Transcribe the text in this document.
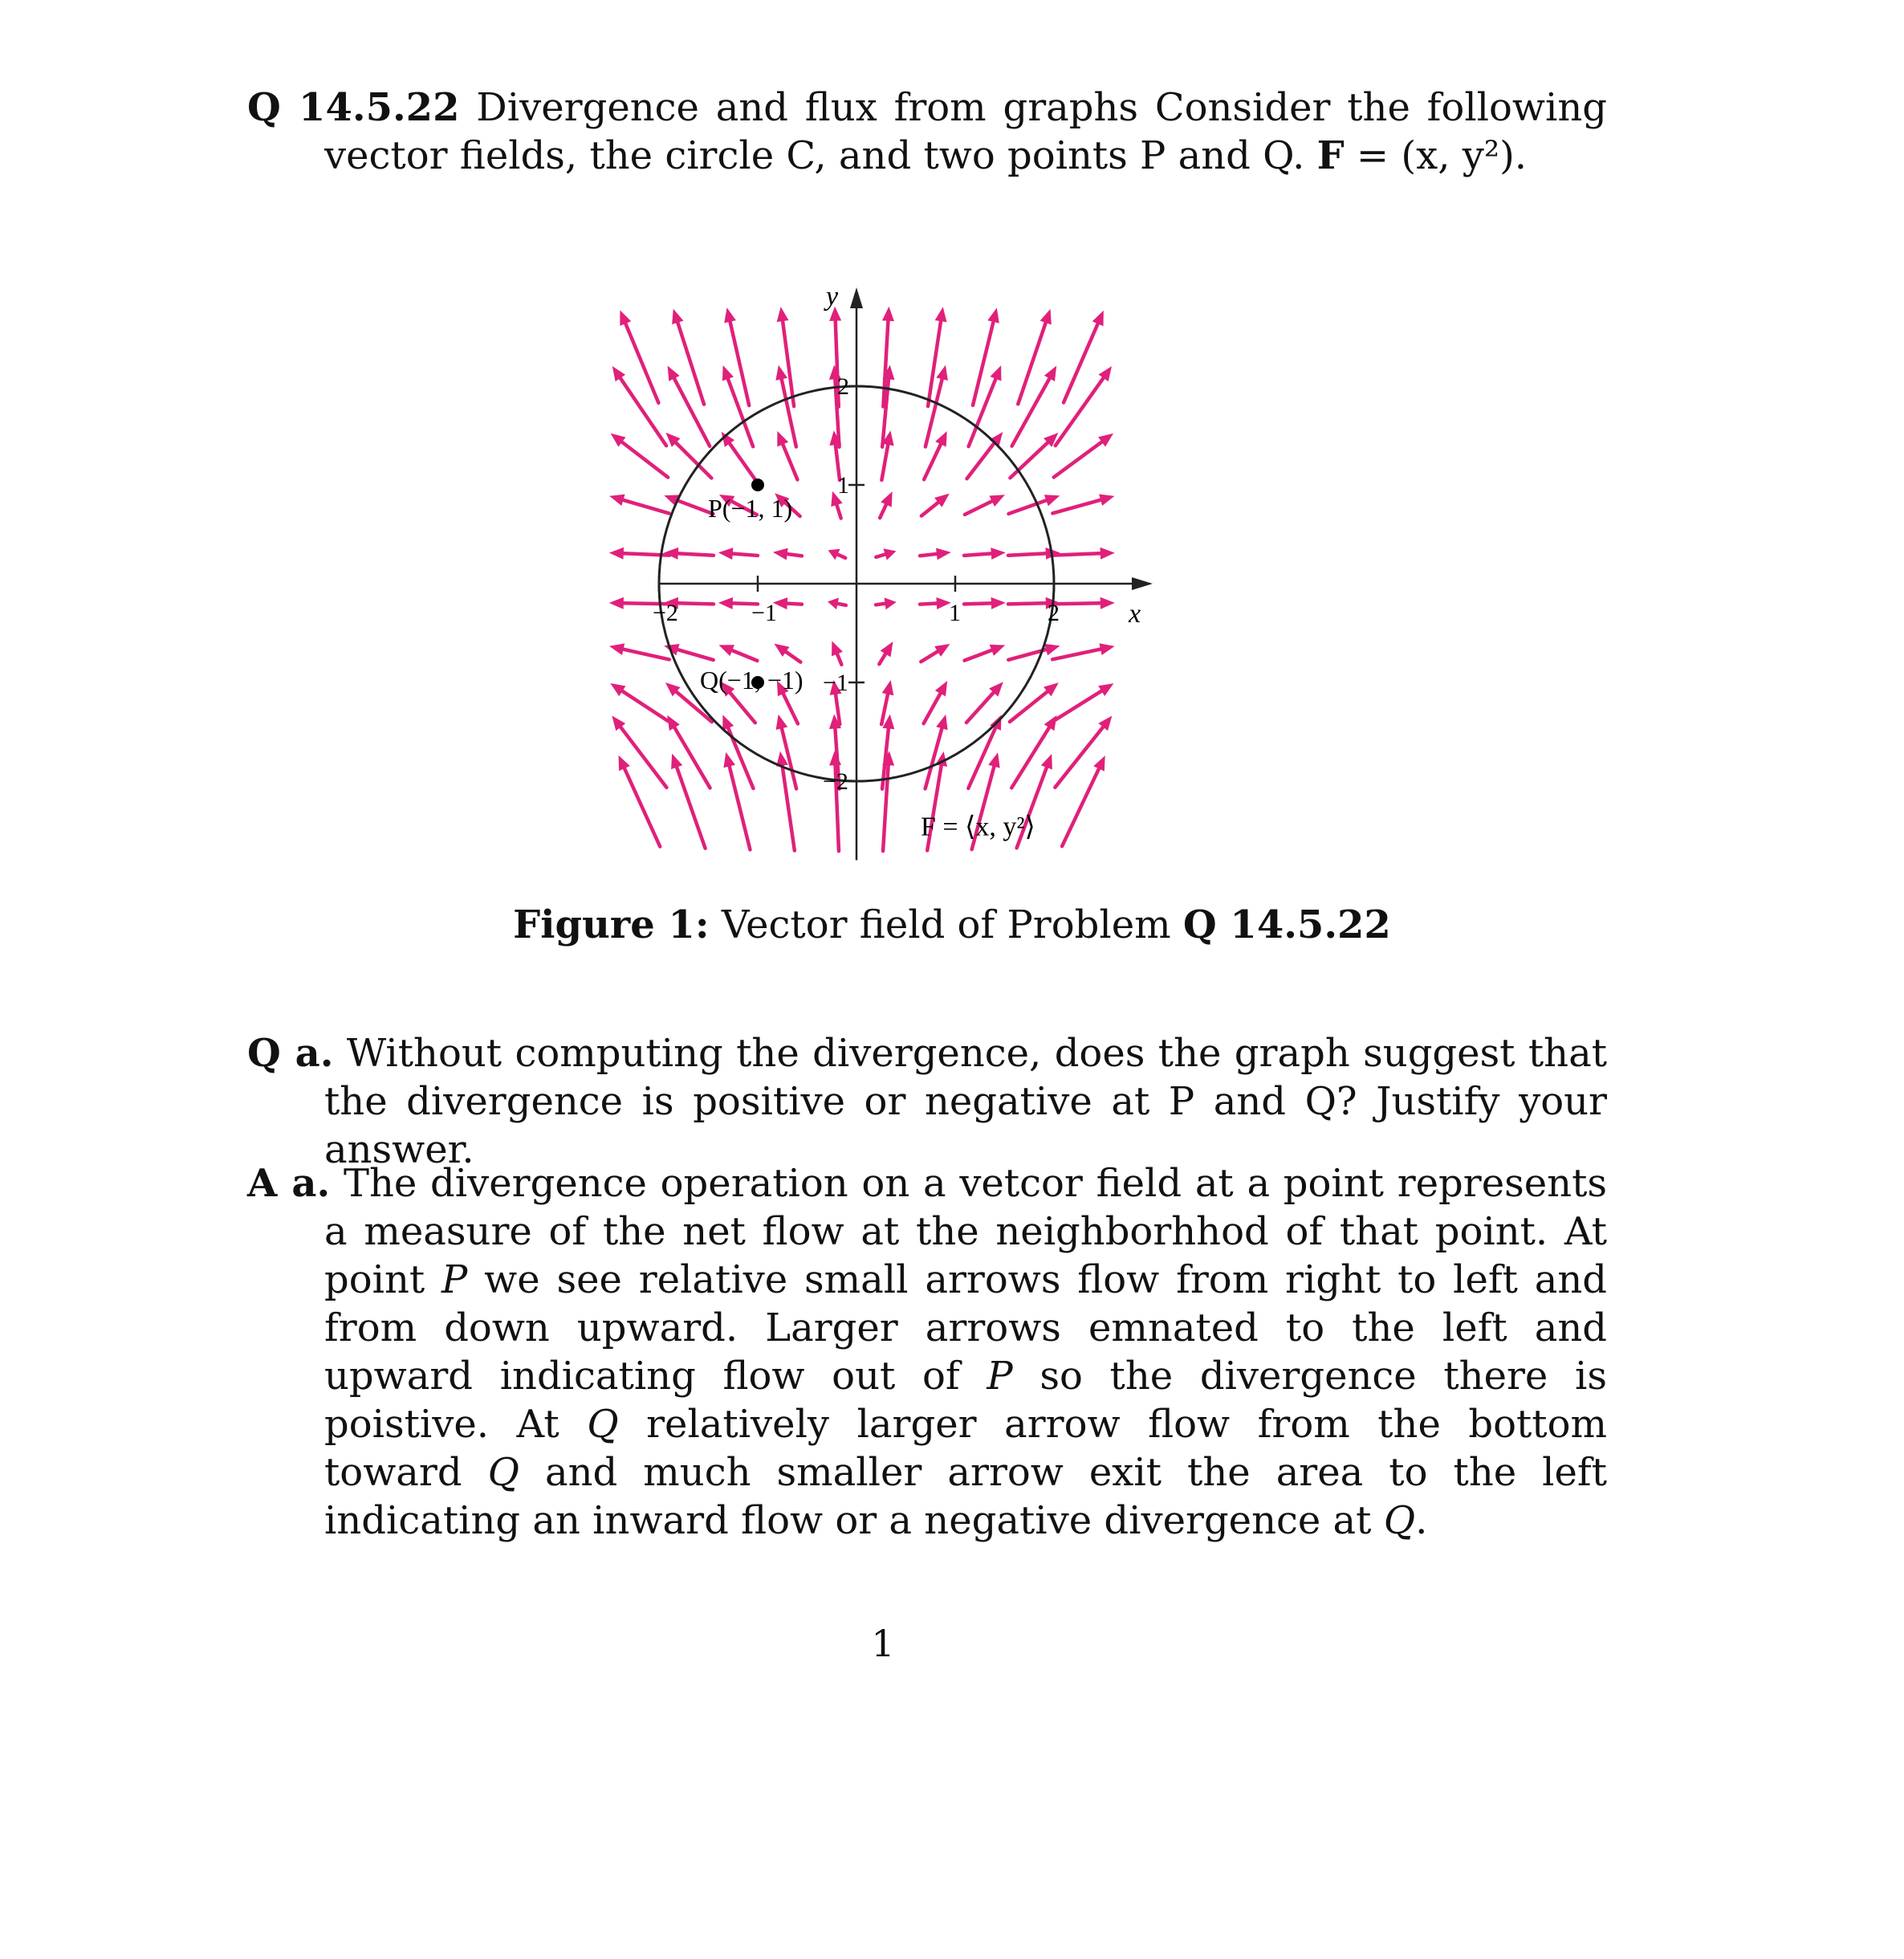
Q 14.5.22 Divergence and flux from graphs Consider the following vector fields, the circle C, and two points P and Q. F = (x, y²).
−2	−1	1	2
−2
−1
1
2
x
y
P(−1, 1)
Q(−1, −1)
F = ⟨x, y²⟩
Figure 1: Vector field of Problem Q 14.5.22
Q a. Without computing the divergence, does the graph suggest that the divergence is positive or negative at P and Q? Justify your answer.
A a. The divergence operation on a vetcor field at a point represents a measure of the net flow at the neighborhhod of that point. At point P we see relative small arrows flow from right to left and from down upward. Larger arrows emnated to the left and upward indicating flow out of P so the divergence there is poistive. At Q relatively larger arrow flow from the bottom toward Q and much smaller arrow exit the area to the left indicating an inward flow or a negative divergence at Q.
1
